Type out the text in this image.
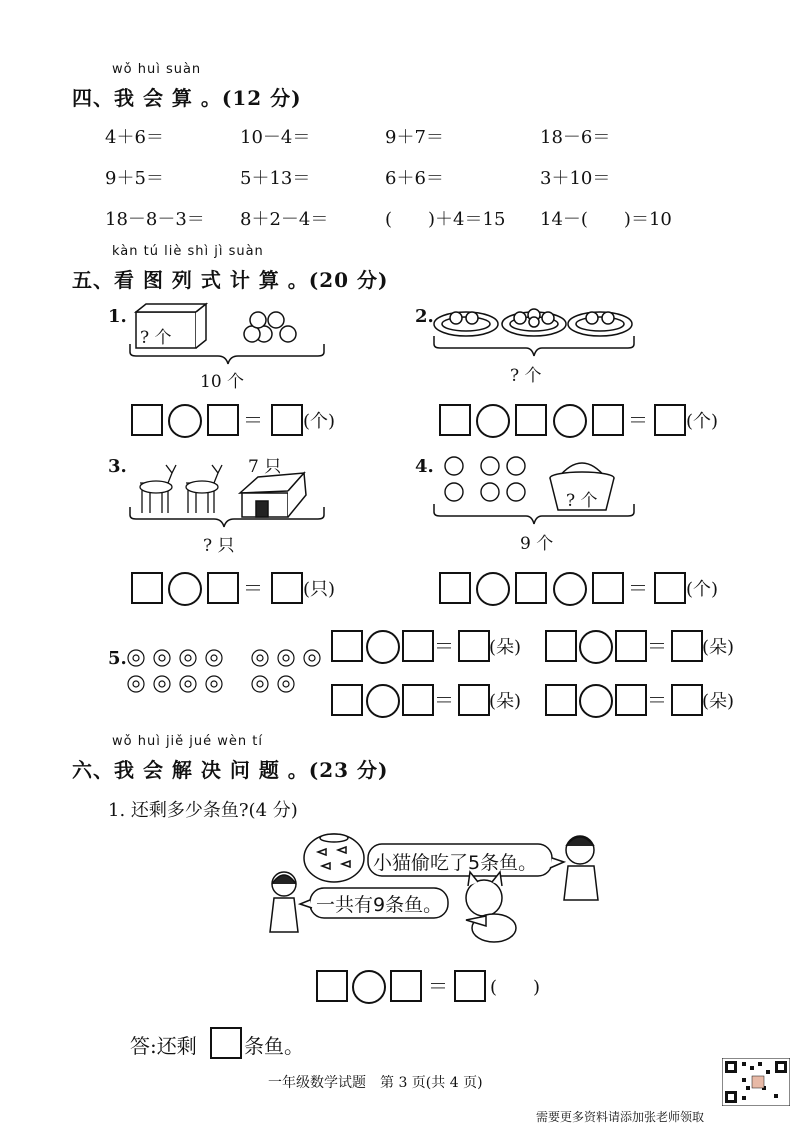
wǒ huì suàn
四、我 会 算 。(12 分)
4＋6＝	10－4＝	9＋7＝	18－6＝
9＋5＝	5＋13＝	6＋6＝	3＋10＝
18－8－3＝ 8＋2－4＝	(　　)＋4＝15 14－(　　)＝10
kàn tú liè shì jì suàn
五、看 图 列 式 计 算 。(20 分)
1.
? 个
10 个
＝ (个)
2.
? 个
＝ (个)
3.	7 只
? 只
＝ (只)
4.
? 个
9 个
＝ (个)
5.
＝ (朵)	＝ (朵)
＝ (朵)	＝ (朵)
wǒ huì jiě jué wèn tí
六、我 会 解 决 问 题 。(23 分)
1. 还剩多少条鱼?(4 分)
小猫偷吃了5条鱼。
一共有9条鱼。
＝ (　　)
答:还剩 条鱼。
一年级数学试题　第 3 页(共 4 页)
需要更多资料请添加张老师领取
